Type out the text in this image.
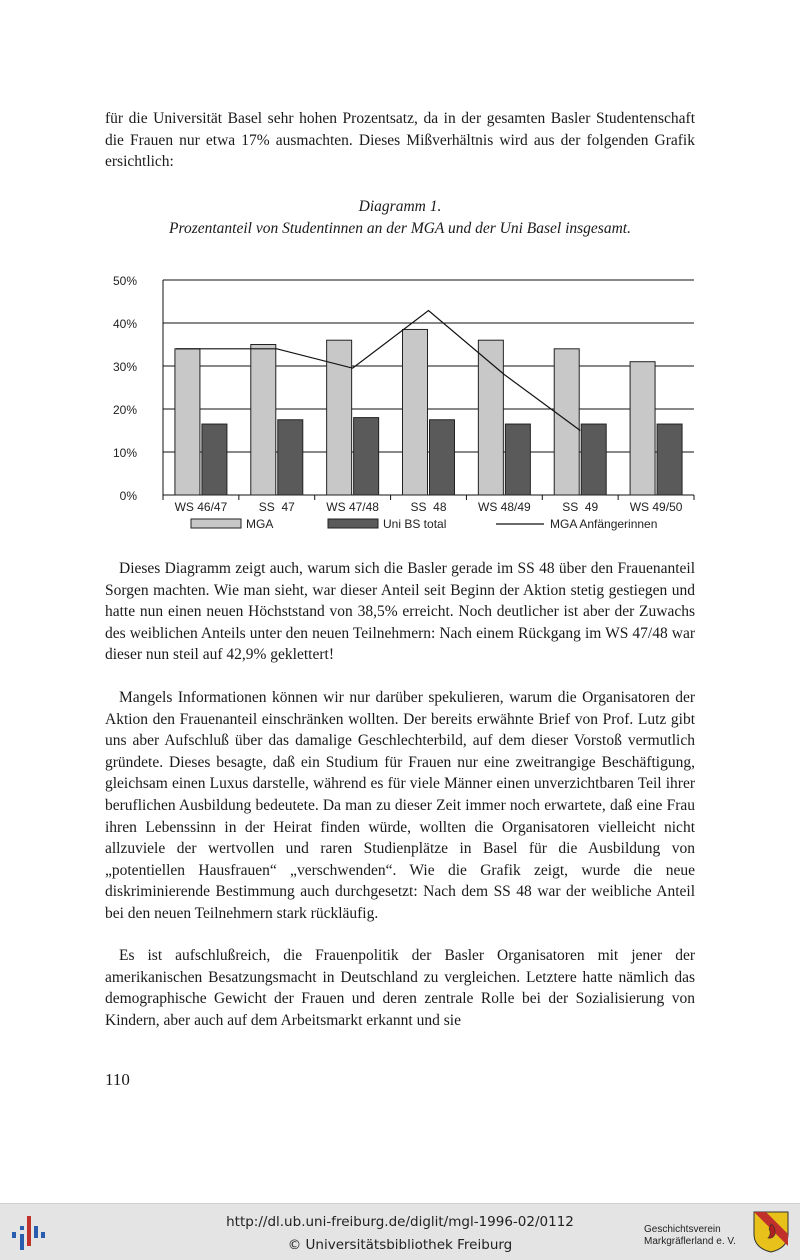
für die Universität Basel sehr hohen Prozentsatz, da in der gesamten Basler Studentenschaft die Frauen nur etwa 17% ausmachten. Dieses Mißverhältnis wird aus der folgenden Grafik ersichtlich:

Diagramm 1.

Prozentanteil von Studentinnen an der MGA und der Uni Basel insgesamt.

0%
10%
20%
30%
40%
50%
WS 46/47	SS  47	WS 47/48	SS  48	WS 48/49	SS  49	WS 49/50
MGA	Uni BS total	MGA Anfängerinnen

Dieses Diagramm zeigt auch, warum sich die Basler gerade im SS 48 über den Frauenanteil Sorgen machten. Wie man sieht, war dieser Anteil seit Beginn der Aktion stetig gestiegen und hatte nun einen neuen Höchststand von 38,5% erreicht. Noch deutlicher ist aber der Zuwachs des weiblichen Anteils unter den neuen Teilnehmern: Nach einem Rückgang im WS 47/48 war dieser nun steil auf 42,9% geklettert!

Mangels Informationen können wir nur darüber spekulieren, warum die Organisatoren der Aktion den Frauenanteil einschränken wollten. Der bereits erwähnte Brief von Prof. Lutz gibt uns aber Aufschluß über das damalige Geschlechterbild, auf dem dieser Vorstoß vermutlich gründete. Dieses besagte, daß ein Studium für Frauen nur eine zweitrangige Beschäftigung, gleichsam einen Luxus darstelle, während es für viele Männer einen unverzichtbaren Teil ihrer beruflichen Ausbildung bedeutete. Da man zu dieser Zeit immer noch erwartete, daß eine Frau ihren Lebenssinn in der Heirat finden würde, wollten die Organisatoren vielleicht nicht allzuviele der wertvollen und raren Studienplätze in Basel für die Ausbildung von „potentiellen Hausfrauen“ „verschwenden“. Wie die Grafik zeigt, wurde die neue diskriminierende Bestimmung auch durchgesetzt: Nach dem SS 48 war der weibliche Anteil bei den neuen Teilnehmern stark rückläufig.

Es ist aufschlußreich, die Frauenpolitik der Basler Organisatoren mit jener der amerikanischen Besatzungsmacht in Deutschland zu vergleichen. Letztere hatte nämlich das demographische Gewicht der Frauen und deren zentrale Rolle bei der Sozialisierung von Kindern, aber auch auf dem Arbeitsmarkt erkannt und sie

110
http://dl.ub.uni-freiburg.de/diglit/mgl-1996-02/0112
© Universitätsbibliothek Freiburg
Geschichtsverein
Markgräflerland e. V.
